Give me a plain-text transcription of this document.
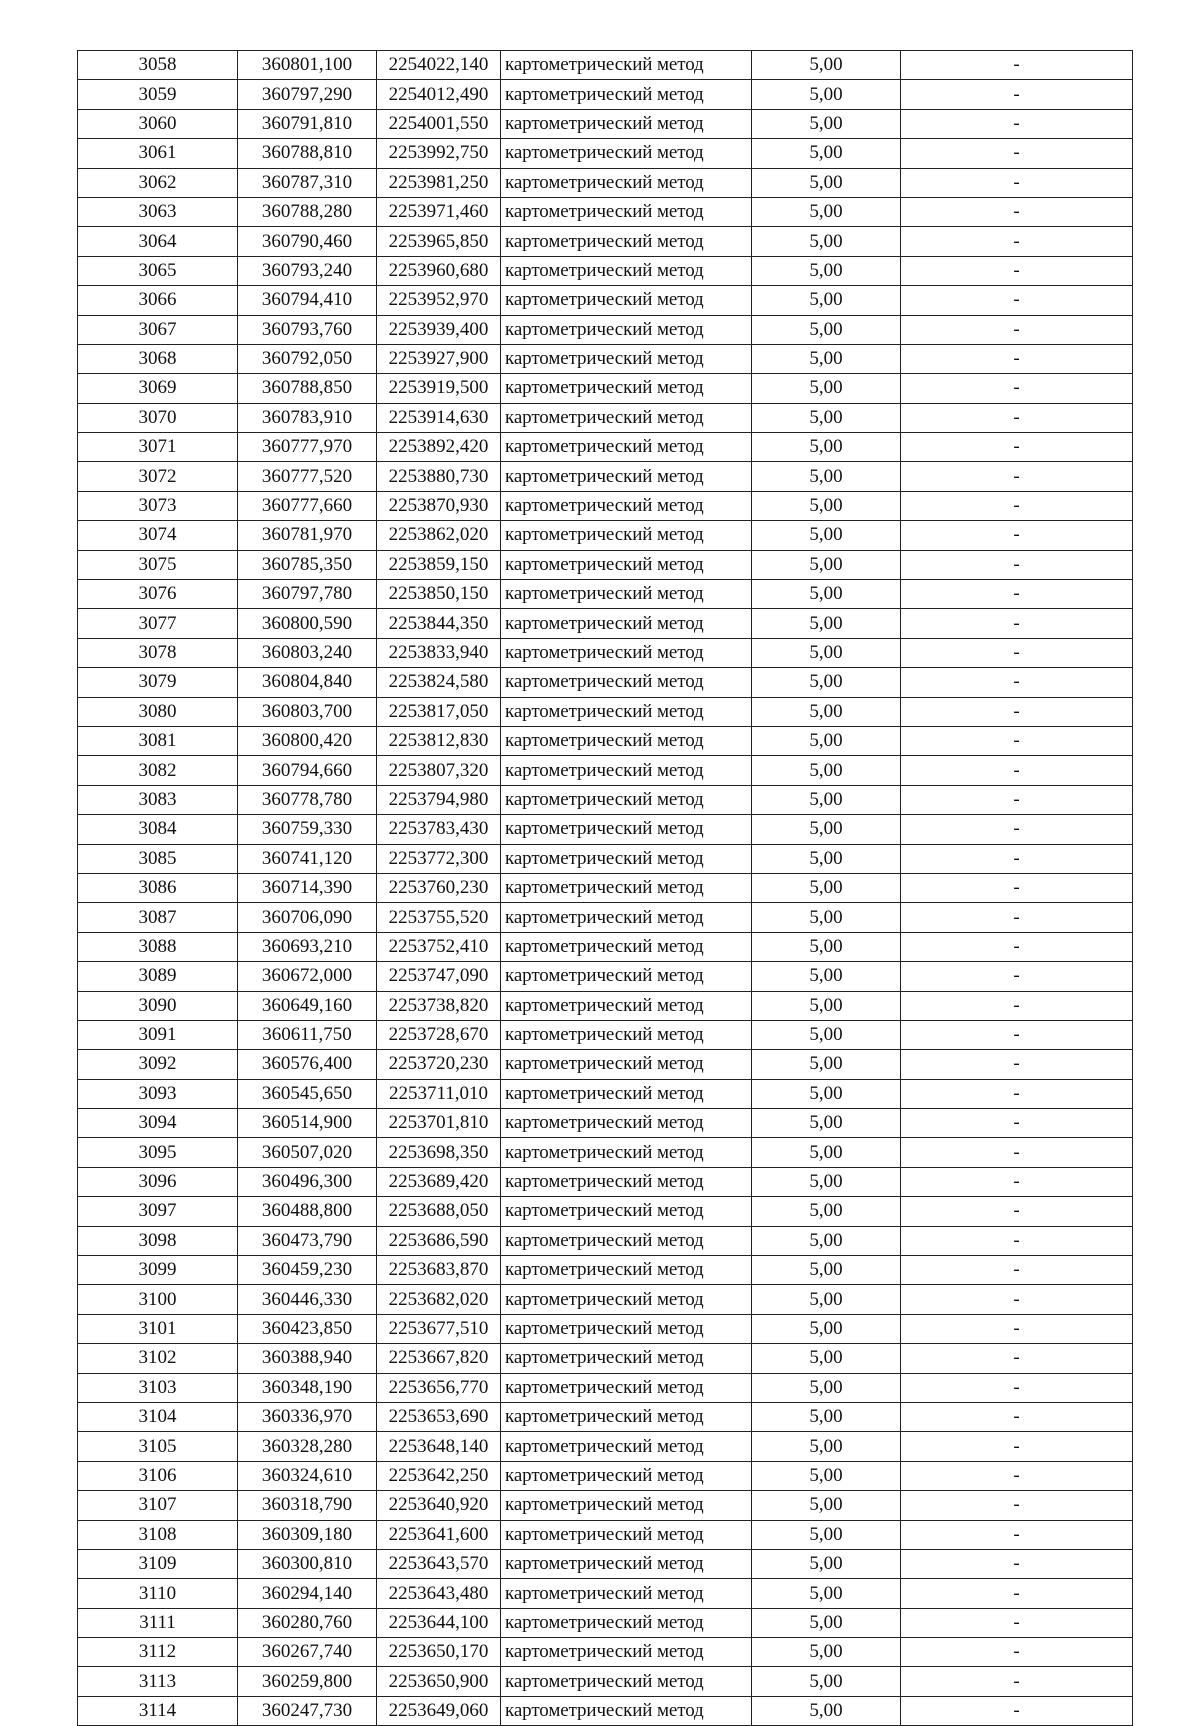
3058	360801,100	2254022,140	картометрический метод	5,00	-
3059	360797,290	2254012,490	картометрический метод	5,00	-
3060	360791,810	2254001,550	картометрический метод	5,00	-
3061	360788,810	2253992,750	картометрический метод	5,00	-
3062	360787,310	2253981,250	картометрический метод	5,00	-
3063	360788,280	2253971,460	картометрический метод	5,00	-
3064	360790,460	2253965,850	картометрический метод	5,00	-
3065	360793,240	2253960,680	картометрический метод	5,00	-
3066	360794,410	2253952,970	картометрический метод	5,00	-
3067	360793,760	2253939,400	картометрический метод	5,00	-
3068	360792,050	2253927,900	картометрический метод	5,00	-
3069	360788,850	2253919,500	картометрический метод	5,00	-
3070	360783,910	2253914,630	картометрический метод	5,00	-
3071	360777,970	2253892,420	картометрический метод	5,00	-
3072	360777,520	2253880,730	картометрический метод	5,00	-
3073	360777,660	2253870,930	картометрический метод	5,00	-
3074	360781,970	2253862,020	картометрический метод	5,00	-
3075	360785,350	2253859,150	картометрический метод	5,00	-
3076	360797,780	2253850,150	картометрический метод	5,00	-
3077	360800,590	2253844,350	картометрический метод	5,00	-
3078	360803,240	2253833,940	картометрический метод	5,00	-
3079	360804,840	2253824,580	картометрический метод	5,00	-
3080	360803,700	2253817,050	картометрический метод	5,00	-
3081	360800,420	2253812,830	картометрический метод	5,00	-
3082	360794,660	2253807,320	картометрический метод	5,00	-
3083	360778,780	2253794,980	картометрический метод	5,00	-
3084	360759,330	2253783,430	картометрический метод	5,00	-
3085	360741,120	2253772,300	картометрический метод	5,00	-
3086	360714,390	2253760,230	картометрический метод	5,00	-
3087	360706,090	2253755,520	картометрический метод	5,00	-
3088	360693,210	2253752,410	картометрический метод	5,00	-
3089	360672,000	2253747,090	картометрический метод	5,00	-
3090	360649,160	2253738,820	картометрический метод	5,00	-
3091	360611,750	2253728,670	картометрический метод	5,00	-
3092	360576,400	2253720,230	картометрический метод	5,00	-
3093	360545,650	2253711,010	картометрический метод	5,00	-
3094	360514,900	2253701,810	картометрический метод	5,00	-
3095	360507,020	2253698,350	картометрический метод	5,00	-
3096	360496,300	2253689,420	картометрический метод	5,00	-
3097	360488,800	2253688,050	картометрический метод	5,00	-
3098	360473,790	2253686,590	картометрический метод	5,00	-
3099	360459,230	2253683,870	картометрический метод	5,00	-
3100	360446,330	2253682,020	картометрический метод	5,00	-
3101	360423,850	2253677,510	картометрический метод	5,00	-
3102	360388,940	2253667,820	картометрический метод	5,00	-
3103	360348,190	2253656,770	картометрический метод	5,00	-
3104	360336,970	2253653,690	картометрический метод	5,00	-
3105	360328,280	2253648,140	картометрический метод	5,00	-
3106	360324,610	2253642,250	картометрический метод	5,00	-
3107	360318,790	2253640,920	картометрический метод	5,00	-
3108	360309,180	2253641,600	картометрический метод	5,00	-
3109	360300,810	2253643,570	картометрический метод	5,00	-
3110	360294,140	2253643,480	картометрический метод	5,00	-
3111	360280,760	2253644,100	картометрический метод	5,00	-
3112	360267,740	2253650,170	картометрический метод	5,00	-
3113	360259,800	2253650,900	картометрический метод	5,00	-
3114	360247,730	2253649,060	картометрический метод	5,00	-
